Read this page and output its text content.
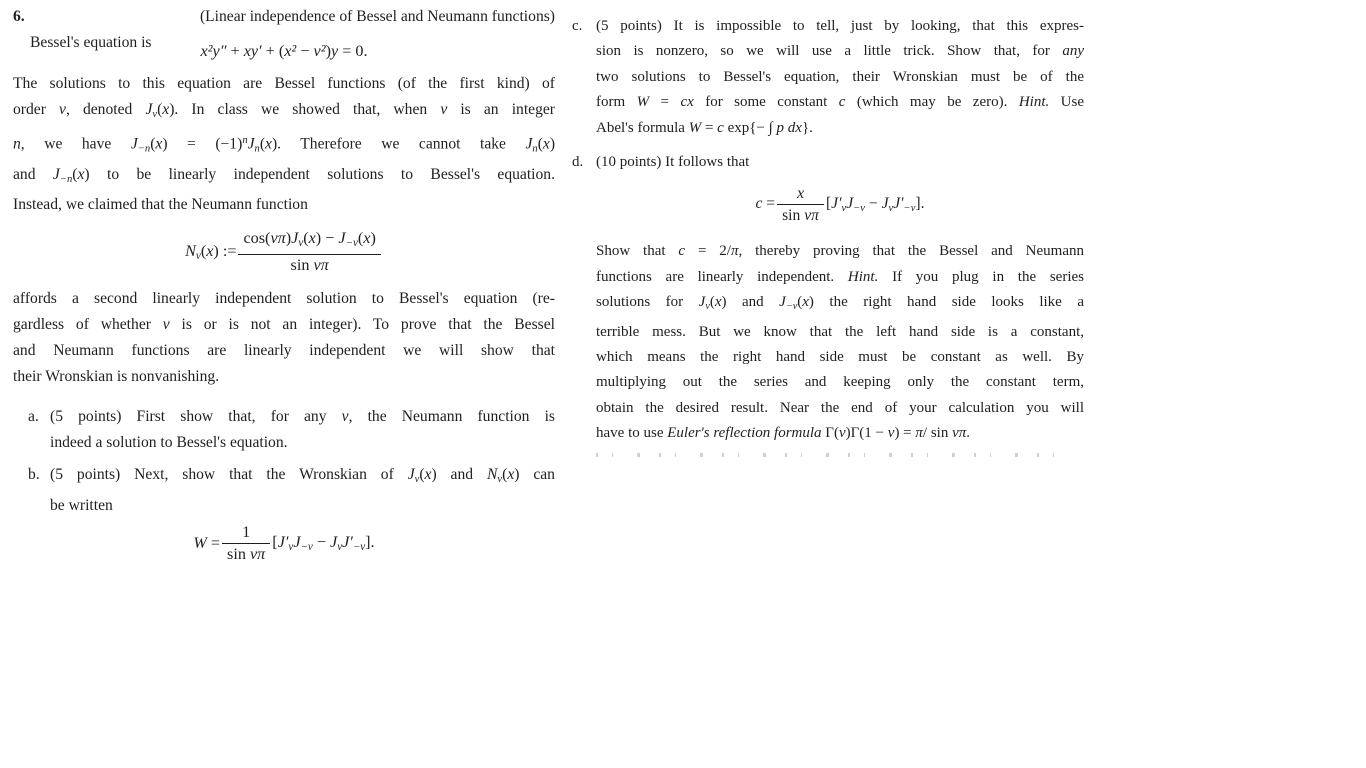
6.	(Linear independence of Bessel and Neumann functions)
Bessel's equation is	x²y″ + xy′ + (x² − ν²)y = 0.
The solutions to this equation are Bessel functions (of the first kind) of
order ν, denoted Jν(x). In class we showed that, when ν is an integer
n, we have $J-n(x) = (-1)^nJn(x)$. Therefore we cannot take Jn(x)
and J−n(x) to be linearly independent solutions to Bessel's equation.
Instead, we claimed that the Neumann function
Nν(x) := $\frac{\cos(\nu\pi)J\nu(x) - J-\nu(x)}{\text{sin νπ}}$
affords a second linearly independent solution to Bessel's equation (re-
gardless of whether ν is or is not an integer). To prove that the Bessel
and Neumann functions are linearly independent we will show that
their Wronskian is nonvanishing.
a. (5 points) First show that, for any ν, the Neumann function is
indeed a solution to Bessel's equation.
b. (5 points) Next, show that the Wronskian of Jν(x) and Nν(x) can
be written
$W = \frac{1}{\text{sin νπ}} [J'\nu J-\nu - J\nu J'-\nu]$.
c. (5 points) It is impossible to tell, just by looking, that this expres-
sion is nonzero, so we will use a little trick. Show that, for any
two solutions to Bessel's equation, their Wronskian must be of the
form W = cx for some constant c (which may be zero). Hint. Use
Abel's formula W = c exp{− ∫ p dx}.
d. (10 points) It follows that
$c = \frac{x}{\text{sin νπ}} [J'\nu J-\nu - J\nu J'-\nu]$.
Show that c = 2/π, thereby proving that the Bessel and Neumann
functions are linearly independent. Hint. If you plug in the series
solutions for Jν(x) and J−ν(x) the right hand side looks like a
terrible mess. But we know that the left hand side is a constant,
which means the right hand side must be constant as well. By
multiplying out the series and keeping only the constant term,
obtain the desired result. Near the end of your calculation you will
have to use Euler's reflection formula Γ(ν)Γ(1 − ν) = π/ sin νπ.
